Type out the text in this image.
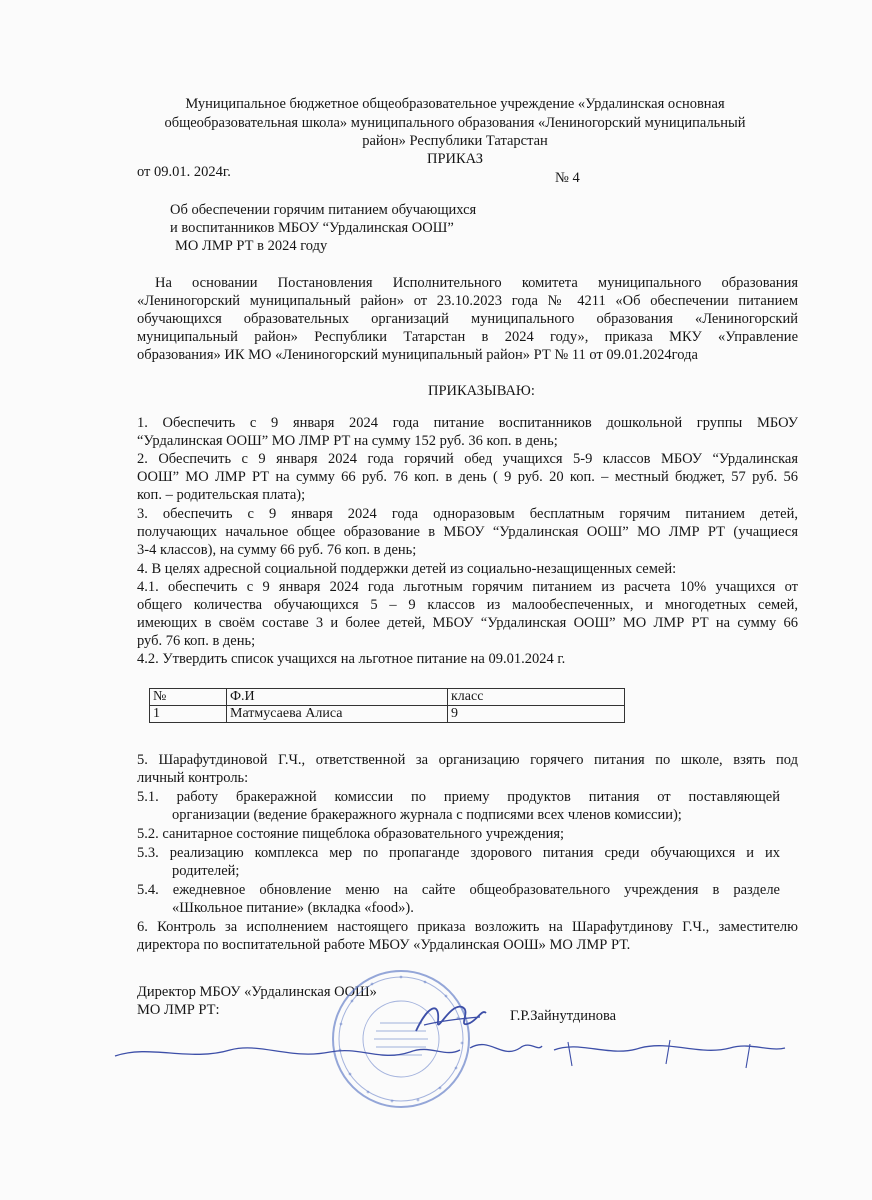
Муниципальное бюджетное общеобразовательное учреждение «Урдалинская основная
общеобразовательная школа» муниципального образования «Лениногорский муниципальный
район» Республики Татарстан
ПРИКАЗ
от 09.01. 2024г.	№ 4
Об обеспечении горячим питанием обучающихся
и воспитанников МБОУ “Урдалинская ООШ”
МО ЛМР РТ в 2024 году
На основании Постановления Исполнительного комитета муниципального образования
«Лениногорский муниципальный район» от 23.10.2023 года № 4211 «Об обеспечении питанием
обучающихся образовательных организаций муниципального образования «Лениногорский
муниципальный район» Республики Татарстан в 2024 году», приказа МКУ «Управление
образования» ИК МО «Лениногорский муниципальный район» РТ № 11 от 09.01.2024года
ПРИКАЗЫВАЮ:
1. Обеспечить с 9 января 2024 года питание воспитанников дошкольной группы МБОУ
“Урдалинская ООШ” МО ЛМР РТ на сумму 152 руб. 36 коп. в день;
2. Обеспечить с 9 января 2024 года горячий обед учащихся 5-9 классов МБОУ “Урдалинская
ООШ” МО ЛМР РТ на сумму 66 руб. 76 коп. в день ( 9 руб. 20 коп. – местный бюджет, 57 руб. 56
коп. – родительская плата);
3. обеспечить с 9 января 2024 года одноразовым бесплатным горячим питанием детей,
получающих начальное общее образование в МБОУ “Урдалинская ООШ” МО ЛМР РТ (учащиеся
3-4 классов), на сумму 66 руб. 76 коп. в день;
4. В целях адресной социальной поддержки детей из социально-незащищенных семей:
4.1. обеспечить с 9 января 2024 года льготным горячим питанием из расчета 10% учащихся от
общего количества обучающихся 5 – 9 классов из малообеспеченных, и многодетных семей,
имеющих в своём составе 3 и более детей, МБОУ “Урдалинская ООШ” МО ЛМР РТ на сумму 66
руб. 76 коп. в день;
4.2. Утвердить список учащихся на льготное питание на 09.01.2024 г.
№	Ф.И	класс
1	Матмусаева Алиса	9
5. Шарафутдиновой Г.Ч., ответственной за организацию горячего питания по школе, взять под
личный контроль:
5.1. работу бракеражной комиссии по приему продуктов питания от поставляющей
организации (ведение бракеражного журнала с подписями всех членов комиссии);
5.2. санитарное состояние пищеблока образовательного учреждения;
5.3. реализацию комплекса мер по пропаганде здорового питания среди обучающихся и их
родителей;
5.4. ежедневное обновление меню на сайте общеобразовательного учреждения в разделе
«Школьное питание» (вкладка «food»).
6. Контроль за исполнением настоящего приказа возложить на Шарафутдинову Г.Ч., заместителю
директора по воспитательной работе МБОУ «Урдалинская ООШ» МО ЛМР РТ.
Директор МБОУ «Урдалинская ООШ»
МО ЛМР РТ:	Г.Р.Зайнутдинова
